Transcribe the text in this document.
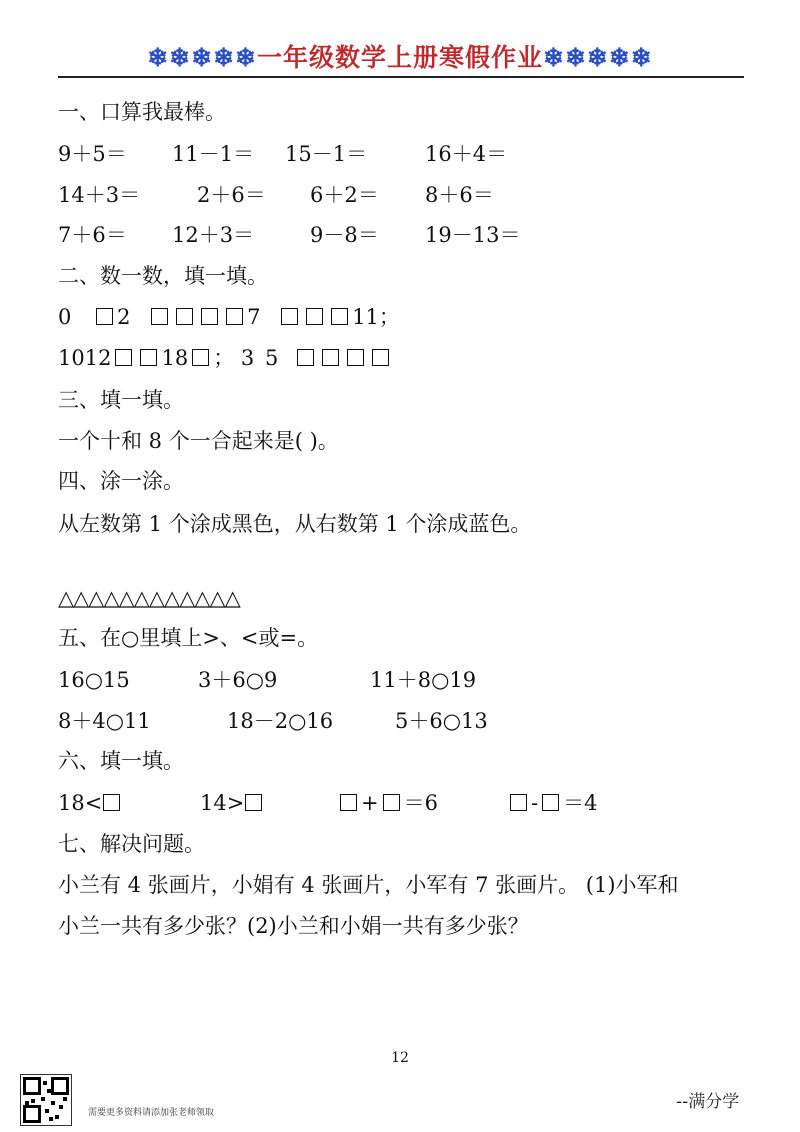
❄❄❄❄❄一年级数学上册寒假作业❄❄❄❄❄
一、口算我最棒。
9＋5＝ 11－1＝ 15－1＝	16＋4＝
14＋3＝	2＋6＝ 6＋2＝ 8＋6＝
7＋6＝ 12＋3＝	9－8＝ 19－13＝
二、数一数，填一填。
0 2	7	11；
1012 18 ； 3 5
三、填一填。
一个十和 8 个一合起来是( )。
四、涂一涂。
从左数第 1 个涂成黑色，从右数第 1 个涂成蓝色。
△△△△△△△△△△△△
五、在○里填上>、<或=。
16○15	3＋6○9	11＋8○19
8＋4○11	18－2○16	5＋6○13
六、填一填。
18<	14>	+ ＝6	- ＝4
七、解决问题。
小兰有 4 张画片，小娟有 4 张画片，小军有 7 张画片。 (1)小军和
小兰一共有多少张？(2)小兰和小娟一共有多少张？
12
需要更多资料请添加张老师领取
--满分学
